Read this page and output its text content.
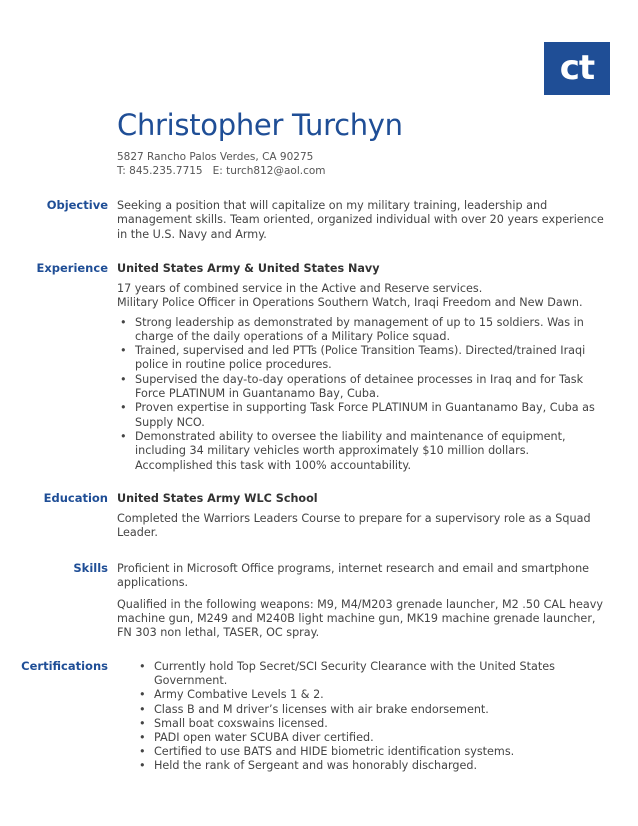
ct
Christopher Turchyn
5827 Rancho Palos Verdes, CA 90275
T: 845.235.7715   E: turch812@aol.com
Objective Seeking a position that will capitalize on my military training, leadership and management skills. Team oriented, organized individual with over 20 years experience in the U.S. Navy and Army.

Experience United States Army & United States Navy

17 years of combined service in the Active and Reserve services.

Military Police Officer in Operations Southern Watch, Iraqi Freedom and New Dawn.

• Strong leadership as demonstrated by management of up to 15 soldiers. Was in charge of the daily operations of a Military Police squad.
• Trained, supervised and led PTTs (Police Transition Teams). Directed/trained Iraqi police in routine police procedures.
• Supervised the day-to-day operations of detainee processes in Iraq and for Task Force PLATINUM in Guantanamo Bay, Cuba.
• Proven expertise in supporting Task Force PLATINUM in Guantanamo Bay, Cuba as Supply NCO.
• Demonstrated ability to oversee the liability and maintenance of equipment, including 34 military vehicles worth approximately $10 million dollars. Accomplished this task with 100% accountability.
Education United States Army WLC School

Completed the Warriors Leaders Course to prepare for a supervisory role as a Squad Leader.

Skills Proficient in Microsoft Office programs, internet research and email and smartphone applications.

Qualified in the following weapons: M9, M4/M203 grenade launcher, M2 .50 CAL heavy machine gun, M249 and M240B light machine gun, MK19 machine grenade launcher, FN 303 non lethal, TASER, OC spray.

Certifications	• Currently hold Top Secret/SCI Security Clearance with the United States Government.
• Army Combative Levels 1 & 2.
• Class B and M driver’s licenses with air brake endorsement.
• Small boat coxswains licensed.
• PADI open water SCUBA diver certified.
• Certified to use BATS and HIDE biometric identification systems.
• Held the rank of Sergeant and was honorably discharged.
